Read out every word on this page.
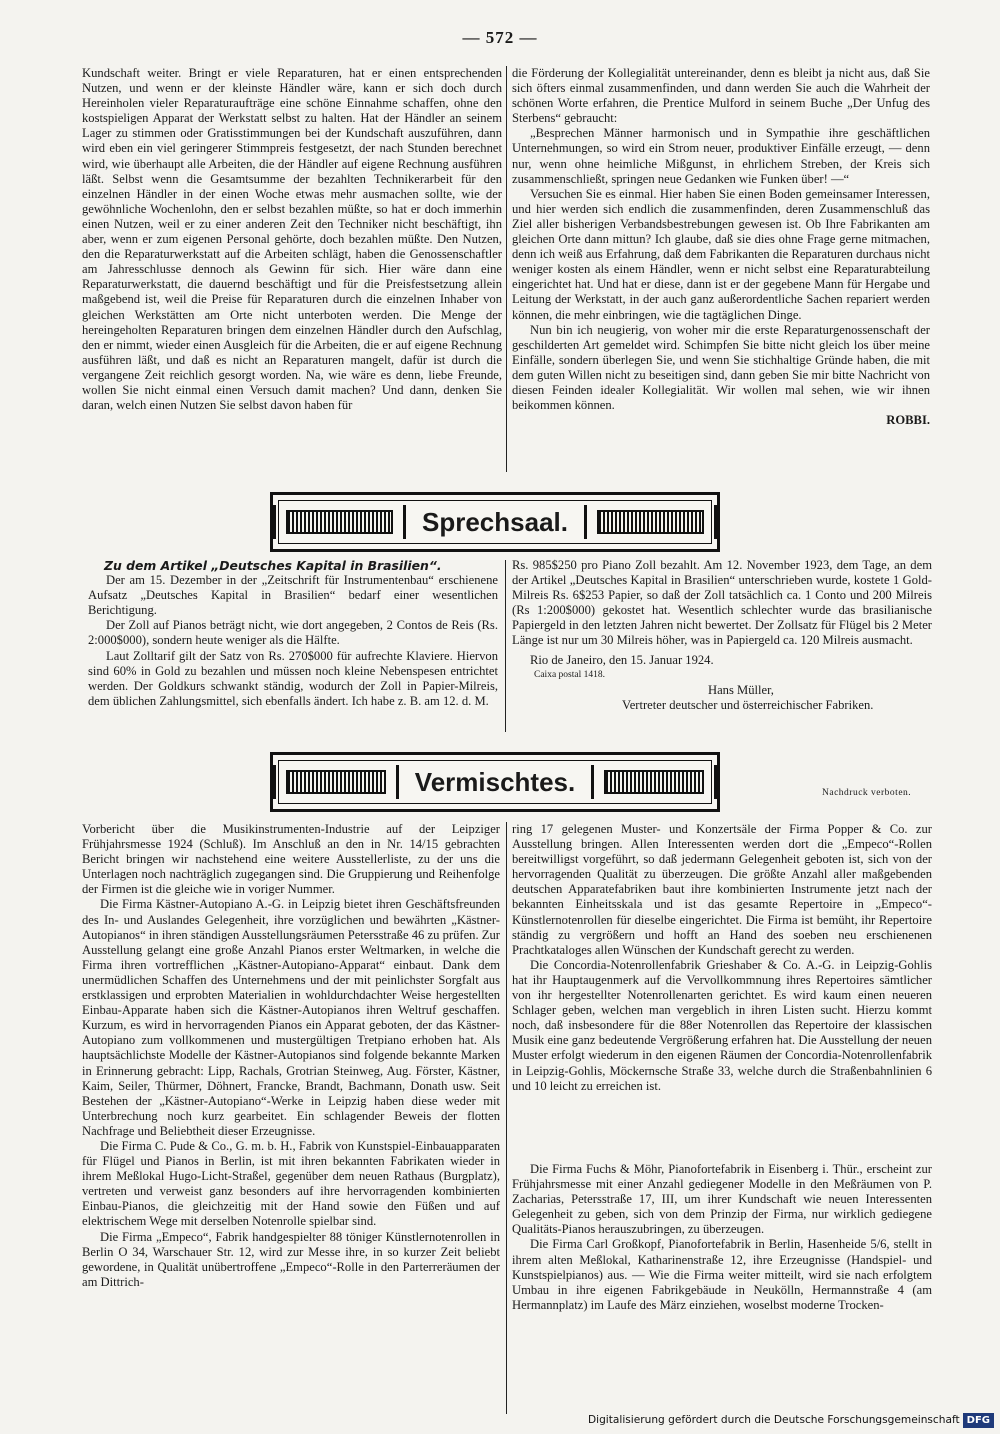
— 572 —

Kundschaft weiter. Bringt er viele Reparaturen, hat er einen entsprechenden Nutzen, und wenn er der kleinste Händler wäre, kann er sich doch durch Hereinholen vieler Reparaturaufträge eine schöne Einnahme schaffen, ohne den kostspieligen Apparat der Werkstatt selbst zu halten. Hat der Händler an seinem Lager zu stimmen oder Gratisstimmungen bei der Kundschaft auszuführen, dann wird eben ein viel geringerer Stimmpreis festgesetzt, der nach Stunden berechnet wird, wie überhaupt alle Arbeiten, die der Händler auf eigene Rechnung ausführen läßt. Selbst wenn die Gesamtsumme der bezahlten Technikerarbeit für den einzelnen Händler in der einen Woche etwas mehr ausmachen sollte, wie der gewöhnliche Wochenlohn, den er selbst bezahlen müßte, so hat er doch immerhin einen Nutzen, weil er zu einer anderen Zeit den Techniker nicht beschäftigt, ihn aber, wenn er zum eigenen Personal gehörte, doch bezahlen müßte. Den Nutzen, den die Reparaturwerkstatt auf die Arbeiten schlägt, haben die Genossenschaftler am Jahresschlusse dennoch als Gewinn für sich. Hier wäre dann eine Reparaturwerkstatt, die dauernd beschäftigt und für die Preisfestsetzung allein maßgebend ist, weil die Preise für Reparaturen durch die einzelnen Inhaber von gleichen Werkstätten am Orte nicht unterboten werden. Die Menge der hereingeholten Reparaturen bringen dem einzelnen Händler durch den Aufschlag, den er nimmt, wieder einen Ausgleich für die Arbeiten, die er auf eigene Rechnung ausführen läßt, und daß es nicht an Reparaturen mangelt, dafür ist durch die vergangene Zeit reichlich gesorgt worden. Na, wie wäre es denn, liebe Freunde, wollen Sie nicht einmal einen Versuch damit machen? Und dann, denken Sie daran, welch einen Nutzen Sie selbst davon haben für

die Förderung der Kollegialität untereinander, denn es bleibt ja nicht aus, daß Sie sich öfters einmal zusammenfinden, und dann werden Sie auch die Wahrheit der schönen Worte erfahren, die Prentice Mulford in seinem Buche „Der Unfug des Sterbens“ gebraucht:

„Besprechen Männer harmonisch und in Sympathie ihre geschäftlichen Unternehmungen, so wird ein Strom neuer, produktiver Einfälle erzeugt, — denn nur, wenn ohne heimliche Mißgunst, in ehrlichem Streben, der Kreis sich zusammenschließt, springen neue Gedanken wie Funken über! —“

Versuchen Sie es einmal. Hier haben Sie einen Boden gemeinsamer Interessen, und hier werden sich endlich die zusammenfinden, deren Zusammenschluß das Ziel aller bisherigen Verbandsbestrebungen gewesen ist. Ob Ihre Fabrikanten am gleichen Orte dann mittun? Ich glaube, daß sie dies ohne Frage gerne mitmachen, denn ich weiß aus Erfahrung, daß dem Fabrikanten die Reparaturen durchaus nicht weniger kosten als einem Händler, wenn er nicht selbst eine Reparaturabteilung eingerichtet hat. Und hat er diese, dann ist er der gegebene Mann für Hergabe und Leitung der Werkstatt, in der auch ganz außerordentliche Sachen repariert werden können, die mehr einbringen, wie die tagtäglichen Dinge.

Nun bin ich neugierig, von woher mir die erste Reparaturgenossenschaft der geschilderten Art gemeldet wird. Schimpfen Sie bitte nicht gleich los über meine Einfälle, sondern überlegen Sie, und wenn Sie stichhaltige Gründe haben, die mit dem guten Willen nicht zu beseitigen sind, dann geben Sie mir bitte Nachricht von diesen Feinden idealer Kollegialität. Wir wollen mal sehen, wie wir ihnen beikommen können.

ROBBI.

Sprechsaal.

Zu dem Artikel „Deutsches Kapital in Brasilien“.

Der am 15. Dezember in der „Zeitschrift für Instrumentenbau“ erschienene Aufsatz „Deutsches Kapital in Brasilien“ bedarf einer wesentlichen Berichtigung.

Der Zoll auf Pianos beträgt nicht, wie dort angegeben, 2 Contos de Reis (Rs. 2:000$000), sondern heute weniger als die Hälfte.

Laut Zolltarif gilt der Satz von Rs. 270$000 für aufrechte Klaviere. Hiervon sind 60% in Gold zu bezahlen und müssen noch kleine Nebenspesen entrichtet werden. Der Goldkurs schwankt ständig, wodurch der Zoll in Papier-Milreis, dem üblichen Zahlungsmittel, sich ebenfalls ändert. Ich habe z. B. am 12. d. M.

Rs. 985$250 pro Piano Zoll bezahlt. Am 12. November 1923, dem Tage, an dem der Artikel „Deutsches Kapital in Brasilien“ unterschrieben wurde, kostete 1 Gold-Milreis Rs. 6$253 Papier, so daß der Zoll tatsächlich ca. 1 Conto und 200 Milreis (Rs 1:200$000) gekostet hat. Wesentlich schlechter wurde das brasilianische Papiergeld in den letzten Jahren nicht bewertet. Der Zollsatz für Flügel bis 2 Meter Länge ist nur um 30 Milreis höher, was in Papiergeld ca. 120 Milreis ausmacht.

Rio de Janeiro, den 15. Januar 1924.

Caixa postal 1418.

Hans Müller,

Vertreter deutscher und österreichischer Fabriken.

Vermischtes.	Nachdruck verboten.

Vorbericht über die Musikinstrumenten-Industrie auf der Leipziger Frühjahrsmesse 1924 (Schluß). Im Anschluß an den in Nr. 14/15 gebrachten Bericht bringen wir nachstehend eine weitere Ausstellerliste, zu der uns die Unterlagen noch nachträglich zugegangen sind. Die Gruppierung und Reihenfolge der Firmen ist die gleiche wie in voriger Nummer.

Die Firma Kästner-Autopiano A.-G. in Leipzig bietet ihren Geschäftsfreunden des In- und Auslandes Gelegenheit, ihre vorzüglichen und bewährten „Kästner-Autopianos“ in ihren ständigen Ausstellungsräumen Petersstraße 46 zu prüfen. Zur Ausstellung gelangt eine große Anzahl Pianos erster Weltmarken, in welche die Firma ihren vortrefflichen „Kästner-Autopiano-Apparat“ einbaut. Dank dem unermüdlichen Schaffen des Unternehmens und der mit peinlichster Sorgfalt aus erstklassigen und erprobten Materialien in wohldurchdachter Weise hergestellten Einbau-Apparate haben sich die Kästner-Autopianos ihren Weltruf geschaffen. Kurzum, es wird in hervorragenden Pianos ein Apparat geboten, der das Kästner-Autopiano zum vollkommenen und mustergültigen Tretpiano erhoben hat. Als hauptsächlichste Modelle der Kästner-Autopianos sind folgende bekannte Marken in Erinnerung gebracht: Lipp, Rachals, Grotrian Steinweg, Aug. Förster, Kästner, Kaim, Seiler, Thürmer, Döhnert, Francke, Brandt, Bachmann, Donath usw. Seit Bestehen der „Kästner-Autopiano“-Werke in Leipzig haben diese weder mit Unterbrechung noch kurz gearbeitet. Ein schlagender Beweis der flotten Nachfrage und Beliebtheit dieser Erzeugnisse.

Die Firma C. Pude & Co., G. m. b. H., Fabrik von Kunstspiel-Einbauapparaten für Flügel und Pianos in Berlin, ist mit ihren bekannten Fabrikaten wieder in ihrem Meßlokal Hugo-Licht-Straßel, gegenüber dem neuen Rathaus (Burgplatz), vertreten und verweist ganz besonders auf ihre hervorragenden kombinierten Einbau-Pianos, die gleichzeitig mit der Hand sowie den Füßen und auf elektrischem Wege mit derselben Notenrolle spielbar sind.

Die Firma „Empeco“, Fabrik handgespielter 88 töniger Künstlernotenrollen in Berlin O 34, Warschauer Str. 12, wird zur Messe ihre, in so kurzer Zeit beliebt gewordene, in Qualität unübertroffene „Empeco“-Rolle in den Parterreräumen der am Dittrich-

ring 17 gelegenen Muster- und Konzertsäle der Firma Popper & Co. zur Ausstellung bringen. Allen Interessenten werden dort die „Empeco“-Rollen bereitwilligst vorgeführt, so daß jedermann Gelegenheit geboten ist, sich von der hervorragenden Qualität zu überzeugen. Die größte Anzahl aller maßgebenden deutschen Apparatefabriken baut ihre kombinierten Instrumente jetzt nach der bekannten Einheitsskala und ist das gesamte Repertoire in „Empeco“-Künstlernotenrollen für dieselbe eingerichtet. Die Firma ist bemüht, ihr Repertoire ständig zu vergrößern und hofft an Hand des soeben neu erschienenen Prachtkataloges allen Wünschen der Kundschaft gerecht zu werden.

Die Concordia-Notenrollenfabrik Grieshaber & Co. A.-G. in Leipzig-Gohlis hat ihr Hauptaugenmerk auf die Vervollkommnung ihres Repertoires sämtlicher von ihr hergestellter Notenrollenarten gerichtet. Es wird kaum einen neueren Schlager geben, welchen man vergeblich in ihren Listen sucht. Hierzu kommt noch, daß insbesondere für die 88er Notenrollen das Repertoire der klassischen Musik eine ganz bedeutende Vergrößerung erfahren hat. Die Ausstellung der neuen Muster erfolgt wiederum in den eigenen Räumen der Concordia-Notenrollenfabrik in Leipzig-Gohlis, Möckernsche Straße 33, welche durch die Straßenbahnlinien 6 und 10 leicht zu erreichen ist.

Die Firma Fuchs & Möhr, Pianofortefabrik in Eisenberg i. Thür., erscheint zur Frühjahrsmesse mit einer Anzahl gediegener Modelle in den Meßräumen von P. Zacharias, Petersstraße 17, III, um ihrer Kundschaft wie neuen Interessenten Gelegenheit zu geben, sich von dem Prinzip der Firma, nur wirklich gediegene Qualitäts-Pianos herauszubringen, zu überzeugen.

Die Firma Carl Großkopf, Pianofortefabrik in Berlin, Hasenheide 5/6, stellt in ihrem alten Meßlokal, Katharinenstraße 12, ihre Erzeugnisse (Handspiel- und Kunstspielpianos) aus. — Wie die Firma weiter mitteilt, wird sie nach erfolgtem Umbau in ihre eigenen Fabrikgebäude in Neukölln, Hermannstraße 4 (am Hermannplatz) im Laufe des März einziehen, woselbst moderne Trocken-

Digitalisierung gefördert durch die Deutsche Forschungsgemeinschaft DFG
